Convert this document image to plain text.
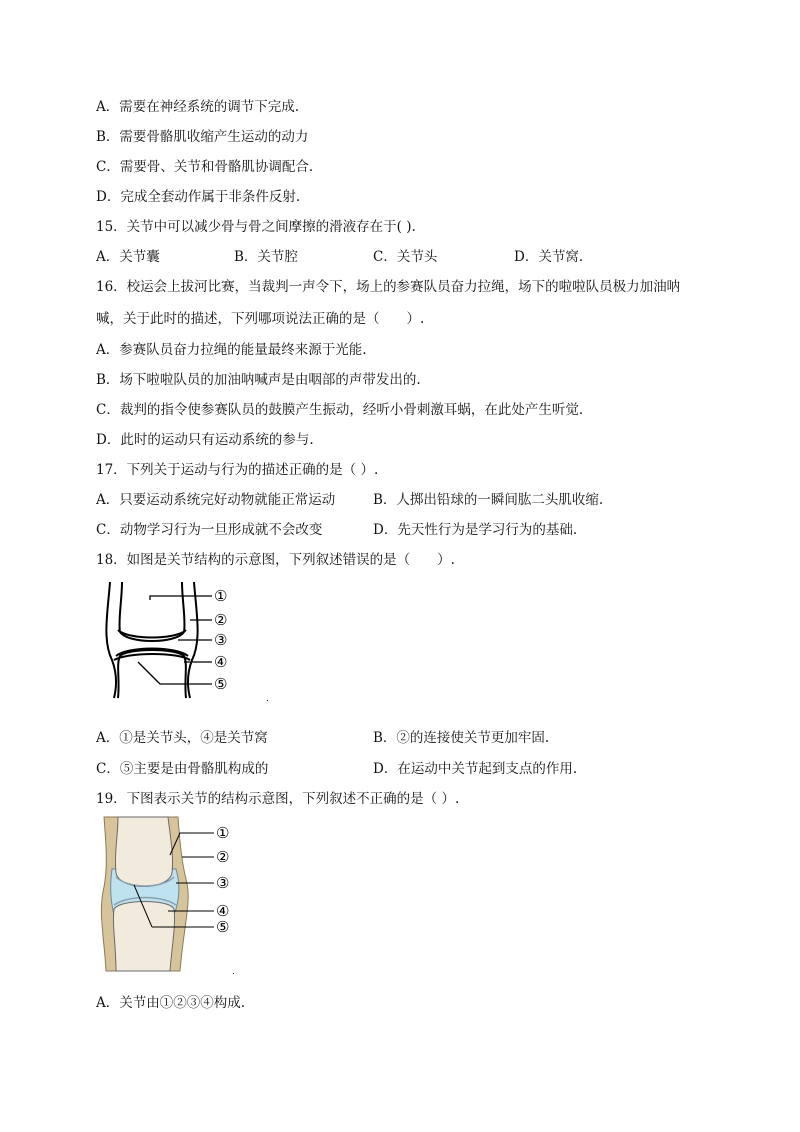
A．需要在神经系统的调节下完成.
B．需要骨骼肌收缩产生运动的动力
C．需要骨、关节和骨骼肌协调配合.
D．完成全套动作属于非条件反射.
15．关节中可以减少骨与骨之间摩擦的滑液存在于( ).
A．关节囊	B．关节腔	C．关节头	D．关节窝.
16．校运会上拔河比赛，当裁判一声令下，场上的参赛队员奋力拉绳，场下的啦啦队员极力加油呐
喊，关于此时的描述，下列哪项说法正确的是（　　）.
A．参赛队员奋力拉绳的能量最终来源于光能.
B．场下啦啦队员的加油呐喊声是由咽部的声带发出的.
C．裁判的指令使参赛队员的鼓膜产生振动，经听小骨刺激耳蜗，在此处产生听觉.
D．此时的运动只有运动系统的参与.
17．下列关于运动与行为的描述正确的是（ ）.
A．只要运动系统完好动物就能正常运动	B．人掷出铅球的一瞬间肱二头肌收缩.
C．动物学习行为一旦形成就不会改变	D．先天性行为是学习行为的基础.
18．如图是关节结构的示意图，下列叙述错误的是（　　）.
①
②
③
④
⑤
.
A．①是关节头，④是关节窝	B．②的连接使关节更加牢固.
C．⑤主要是由骨骼肌构成的	D．在运动中关节起到支点的作用.
19．下图表示关节的结构示意图，下列叙述不正确的是（ ）.
①
②
③
④
⑤
.
A．关节由①②③④构成.
